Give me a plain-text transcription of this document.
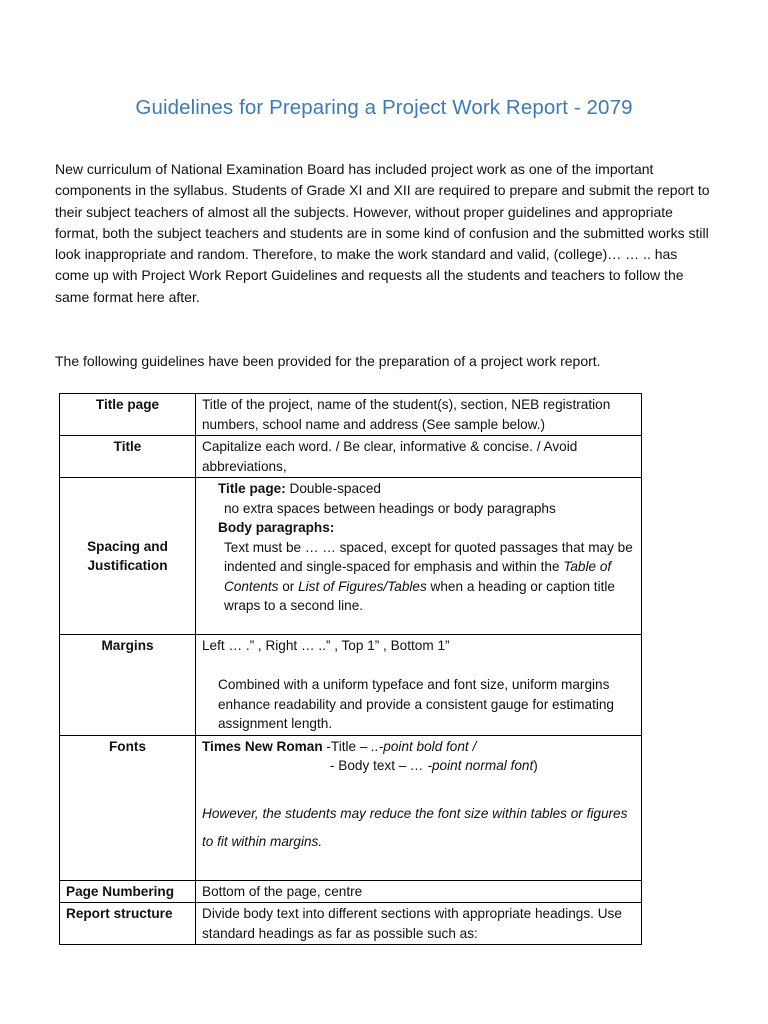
Guidelines for Preparing a Project Work Report - 2079

New curriculum of National Examination Board has included project work as one of the important components in the syllabus. Students of Grade XI and XII are required to prepare and submit the report to their subject teachers of almost all the subjects. However, without proper guidelines and appropriate format, both the subject teachers and students are in some kind of confusion and the submitted works still look inappropriate and random. Therefore, to make the work standard and valid, (college)… … .. has come up with Project Work Report Guidelines and requests all the students and teachers to follow the same format here after.

The following guidelines have been provided for the preparation of a project work report.

Title page	Title of the project, name of the student(s), section, NEB registration numbers, school name and address (See sample below.)
Title	Capitalize each word. / Be clear, informative & concise. / Avoid abbreviations,
Spacing and Justification	Title page: Double-spaced
no extra spaces between headings or body paragraphs
Body paragraphs:
Text must be … … spaced, except for quoted passages that may be indented and single-spaced for emphasis and within the Table of Contents or List of Figures/Tables when a heading or caption title wraps to a second line.

Margins	Left … .” , Right … ..” , Top 1” , Bottom 1”
Combined with a uniform typeface and font size, uniform margins enhance readability and provide a consistent gauge for estimating assignment length.

Fonts	Times New Roman -Title – ..-point bold font /
- Body text – … -point normal font)
However, the students may reduce the font size within tables or figures
to fit within margins.

Page Numbering	Bottom of the page, centre
Report structure	Divide body text into different sections with appropriate headings. Use standard headings as far as possible such as:
